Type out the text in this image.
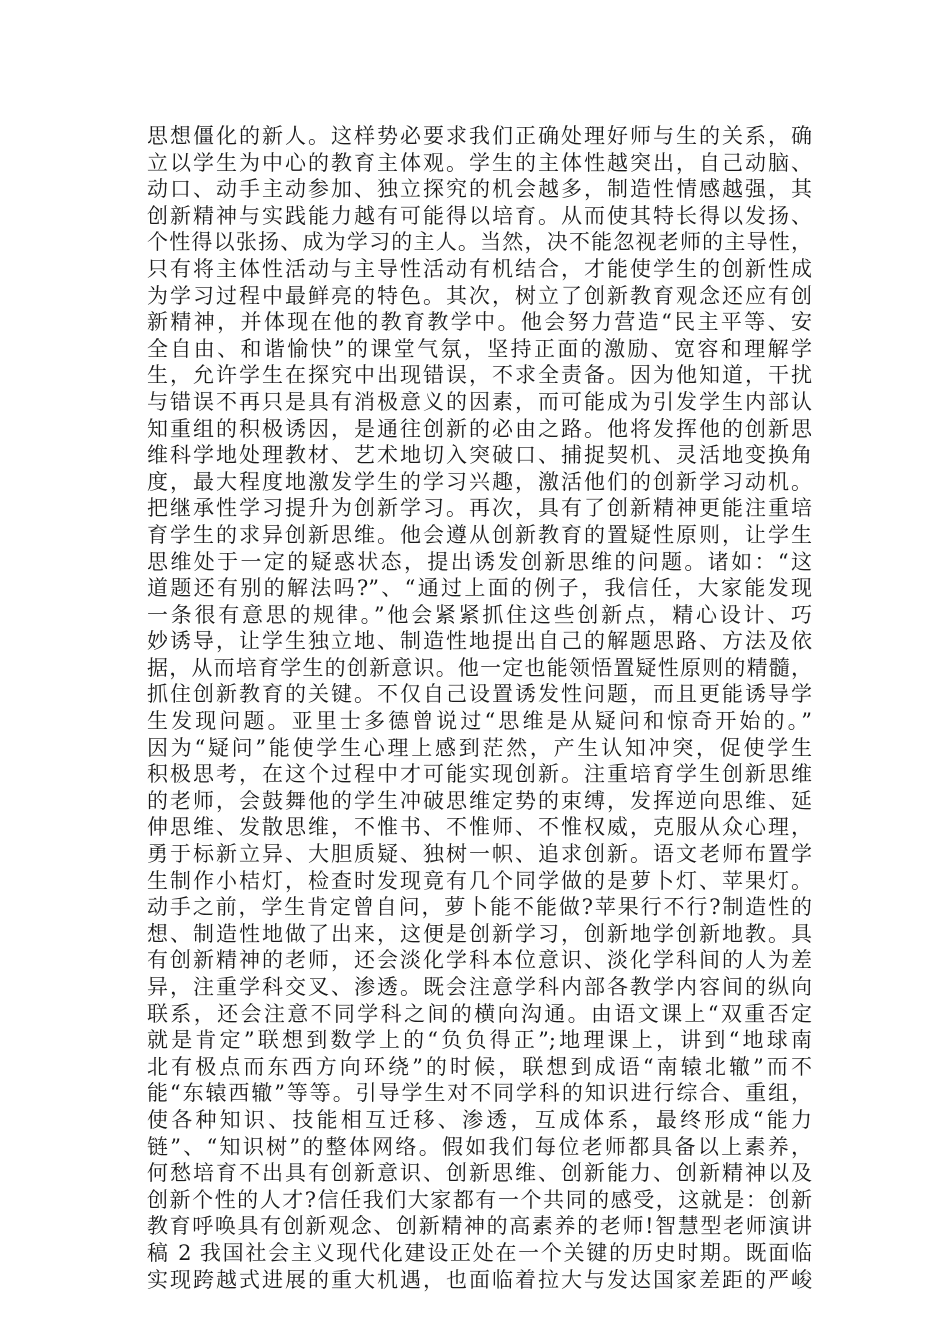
思想僵化的新人。这样势必要求我们正确处理好师与生的关系，确
立以学生为中心的教育主体观。学生的主体性越突出，自己动脑、
动口、动手主动参加、独立探究的机会越多，制造性情感越强，其
创新精神与实践能力越有可能得以培育。从而使其特长得以发扬、
个性得以张扬、成为学习的主人。当然，决不能忽视老师的主导性，
只有将主体性活动与主导性活动有机结合，才能使学生的创新性成
为学习过程中最鲜亮的特色。其次，树立了创新教育观念还应有创
新精神，并体现在他的教育教学中。他会努力营造“民主平等、安
全自由、和谐愉快”的课堂气氛，坚持正面的激励、宽容和理解学
生，允许学生在探究中出现错误，不求全责备。因为他知道，干扰
与错误不再只是具有消极意义的因素，而可能成为引发学生内部认
知重组的积极诱因，是通往创新的必由之路。他将发挥他的创新思
维科学地处理教材、艺术地切入突破口、捕捉契机、灵活地变换角
度，最大程度地激发学生的学习兴趣，激活他们的创新学习动机。
把继承性学习提升为创新学习。再次，具有了创新精神更能注重培
育学生的求异创新思维。他会遵从创新教育的置疑性原则，让学生
思维处于一定的疑惑状态，提出诱发创新思维的问题。诸如：“这
道题还有别的解法吗?”、“通过上面的例子，我信任，大家能发现
一条很有意思的规律。”他会紧紧抓住这些创新点，精心设计、巧
妙诱导，让学生独立地、制造性地提出自己的解题思路、方法及依
据，从而培育学生的创新意识。他一定也能领悟置疑性原则的精髓，
抓住创新教育的关键。不仅自己设置诱发性问题，而且更能诱导学
生发现问题。亚里士多德曾说过“思维是从疑问和惊奇开始的。”
因为“疑问”能使学生心理上感到茫然，产生认知冲突，促使学生
积极思考，在这个过程中才可能实现创新。注重培育学生创新思维
的老师，会鼓舞他的学生冲破思维定势的束缚，发挥逆向思维、延
伸思维、发散思维，不惟书、不惟师、不惟权威，克服从众心理，
勇于标新立异、大胆质疑、独树一帜、追求创新。语文老师布置学
生制作小桔灯，检查时发现竟有几个同学做的是萝卜灯、苹果灯。
动手之前，学生肯定曾自问，萝卜能不能做?苹果行不行?制造性的
想、制造性地做了出来，这便是创新学习，创新地学创新地教。具
有创新精神的老师，还会淡化学科本位意识、淡化学科间的人为差
异，注重学科交叉、渗透。既会注意学科内部各教学内容间的纵向
联系，还会注意不同学科之间的横向沟通。由语文课上“双重否定
就是肯定”联想到数学上的“负负得正”;地理课上，讲到“地球南
北有极点而东西方向环绕”的时候，联想到成语“南辕北辙”而不
能“东辕西辙”等等。引导学生对不同学科的知识进行综合、重组，
使各种知识、技能相互迁移、渗透，互成体系，最终形成“能力
链”、“知识树”的整体网络。假如我们每位老师都具备以上素养，
何愁培育不出具有创新意识、创新思维、创新能力、创新精神以及
创新个性的人才?信任我们大家都有一个共同的感受，这就是：创新
教育呼唤具有创新观念、创新精神的高素养的老师!智慧型老师演讲
稿 2 我国社会主义现代化建设正处在一个关键的历史时期。既面临
实现跨越式进展的重大机遇，也面临着拉大与发达国家差距的严峻
